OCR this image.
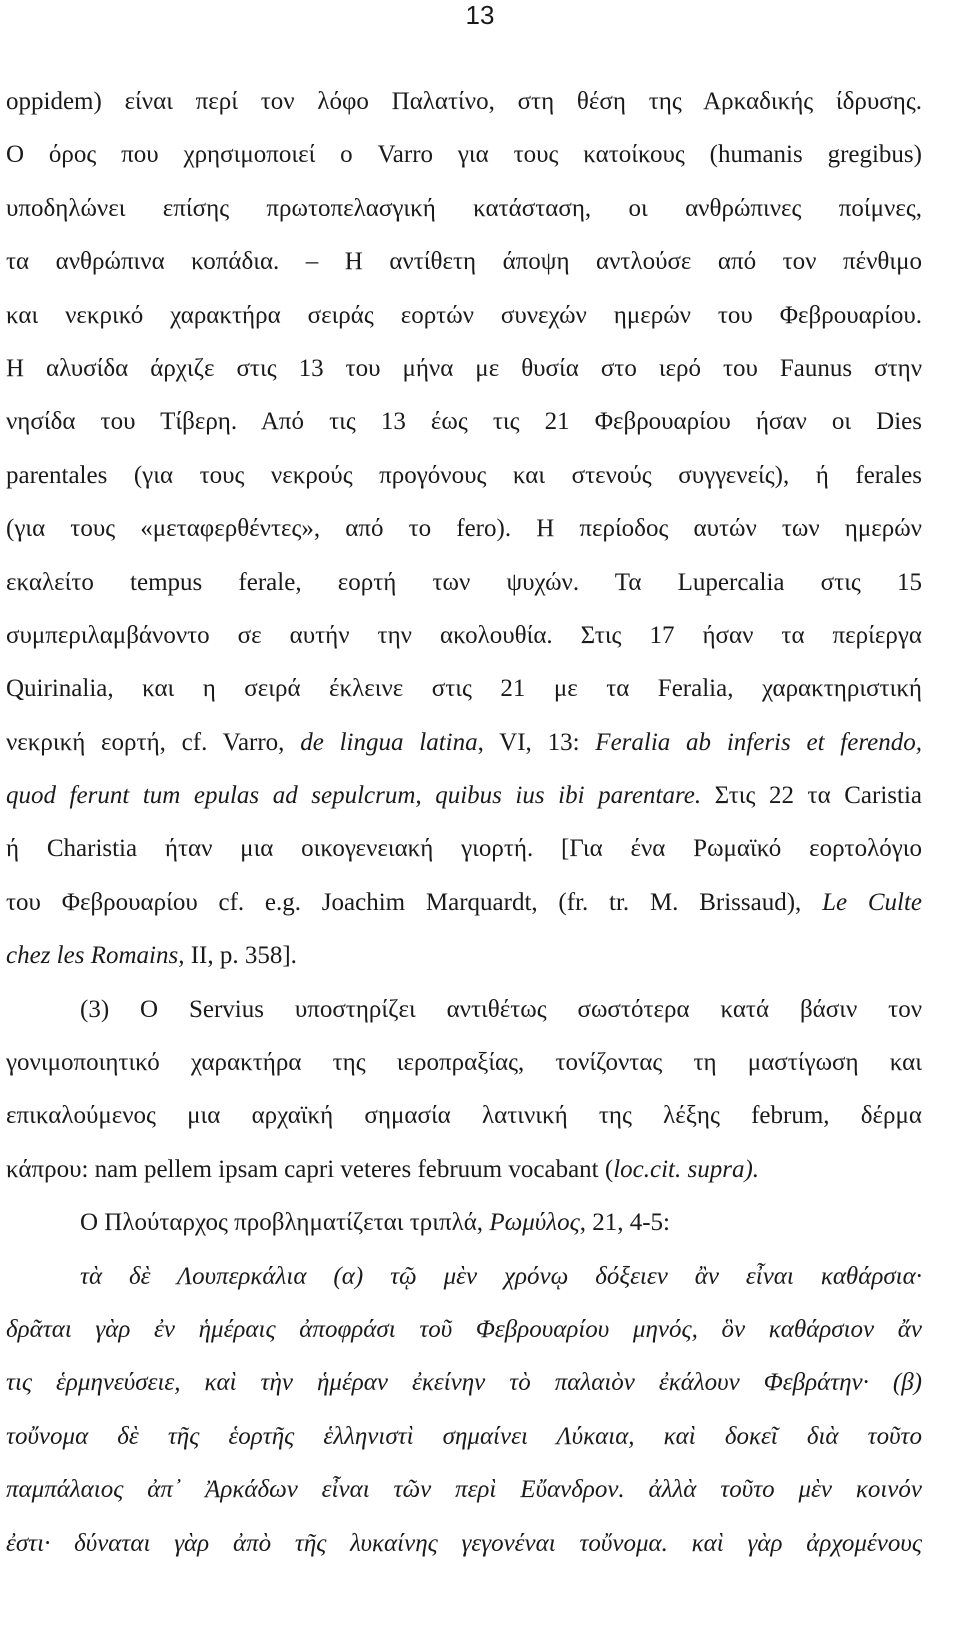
13
oppidem) είναι περί τον λόφο Παλατίνο, στη θέση της Αρκαδικής ίδρυσης.
Ο όρος που χρησιμοποιεί ο Varro για τους κατοίκους (humanis gregibus)
υποδηλώνει επίσης πρωτοπελασγική κατάσταση, οι ανθρώπινες ποίμνες,
τα ανθρώπινα κοπάδια. – Η αντίθετη άποψη αντλούσε από τον πένθιμο
και νεκρικό χαρακτήρα σειράς εορτών συνεχών ημερών του Φεβρουαρίου.
Η αλυσίδα άρχιζε στις 13 του μήνα με θυσία στο ιερό του Faunus στην
νησίδα του Τίβερη. Από τις 13 έως τις 21 Φεβρουαρίου ήσαν οι Dies
parentales (για τους νεκρούς προγόνους και στενούς συγγενείς), ή ferales
(για τους «μεταφερθέντες», από το fero). Η περίοδος αυτών των ημερών
εκαλείτο tempus ferale, εορτή των ψυχών. Τα Lupercalia στις 15
συμπεριλαμβάνοντο σε αυτήν την ακολουθία. Στις 17 ήσαν τα περίεργα
Quirinalia, και η σειρά έκλεινε στις 21 με τα Feralia, χαρακτηριστική
νεκρική εορτή, cf. Varro, de lingua latina, VI, 13: Feralia ab inferis et ferendo,
quod ferunt tum epulas ad sepulcrum, quibus ius ibi parentare. Στις 22 τα Caristia
ή Charistia ήταν μια οικογενειακή γιορτή. [Για ένα Ρωμαϊκό εορτολόγιο
του Φεβρουαρίου cf. e.g. Joachim Marquardt, (fr. tr. M. Brissaud), Le Culte
chez les Romains, II, p. 358].
(3) Ο Servius υποστηρίζει αντιθέτως σωστότερα κατά βάσιν τον
γονιμοποιητικό χαρακτήρα της ιεροπραξίας, τονίζοντας τη μαστίγωση και
επικαλούμενος μια αρχαϊκή σημασία λατινική της λέξης februm, δέρμα
κάπρου: nam pellem ipsam capri veteres februum vocabant (loc.cit. supra).
Ο Πλούταρχος προβληματίζεται τριπλά, Ρωμύλος, 21, 4-5:
τὰ δὲ Λουπερκάλια (α) τῷ μὲν χρόνῳ δόξειεν ἂν εἶναι καθάρσια·
δρᾶται γὰρ ἐν ἡμέραις ἀποφράσι τοῦ Φεβρουαρίου μηνός, ὃν καθάρσιον ἄν
τις ἑρμηνεύσειε, καὶ τὴν ἡμέραν ἐκείνην τὸ παλαιὸν ἐκάλουν Φεβράτην· (β)
τοὔνομα δὲ τῆς ἑορτῆς ἑλληνιστὶ σημαίνει Λύκαια, καὶ δοκεῖ διὰ τοῦτο
παμπάλαιος ἀπ᾽ Ἀρκάδων εἶναι τῶν περὶ Εὔανδρον. ἀλλὰ τοῦτο μὲν κοινόν
ἐστι· δύναται γὰρ ἀπὸ τῆς λυκαίνης γεγονέναι τοὔνομα. καὶ γὰρ ἀρχομένους
